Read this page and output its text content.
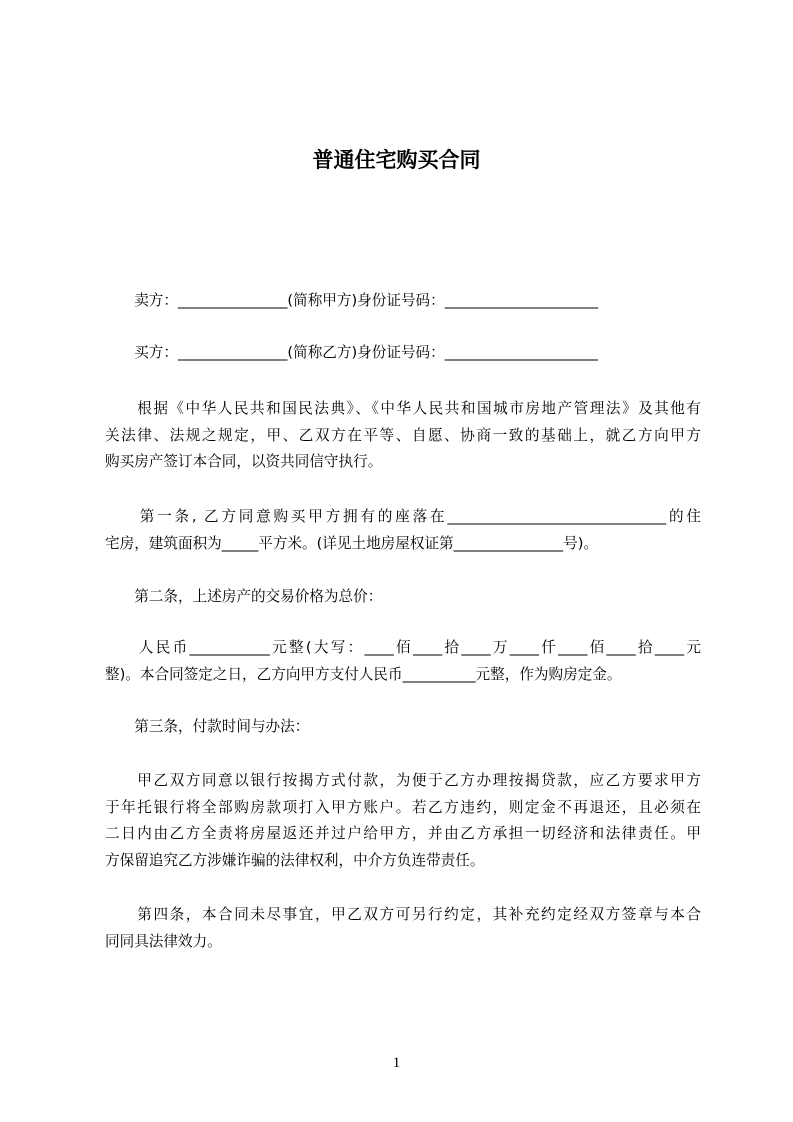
普通住宅购买合同
　　卖方：_______________(简称甲方)身份证号码：_____________________
　　买方：_______________(简称乙方)身份证号码：_____________________
　　根据《中华人民共和国民法典》、《中华人民共和国城市房地产管理法》及其他有
关法律、法规之规定，甲、乙双方在平等、自愿、协商一致的基础上，就乙方向甲方
购买房产签订本合同，以资共同信守执行。
　　第一条, 乙方同意购买甲方拥有的座落在______________________________的住
宅房，建筑面积为_____平方米。(详见土地房屋权证第_______________号)。
　　第二条，上述房产的交易价格为总价：
　　人民币___________元整(大写：____佰____拾____万____仟____佰____拾____元
整)。本合同签定之日，乙方向甲方支付人民币__________元整，作为购房定金。
　　第三条，付款时间与办法：
　　甲乙双方同意以银行按揭方式付款，为便于乙方办理按揭贷款，应乙方要求甲方
于年托银行将全部购房款项打入甲方账户。若乙方违约，则定金不再退还，且必须在
二日内由乙方全责将房屋返还并过户给甲方，并由乙方承担一切经济和法律责任。甲
方保留追究乙方涉嫌诈骗的法律权利，中介方负连带责任。
　　第四条，本合同未尽事宜，甲乙双方可另行约定，其补充约定经双方签章与本合
同同具法律效力。
1
